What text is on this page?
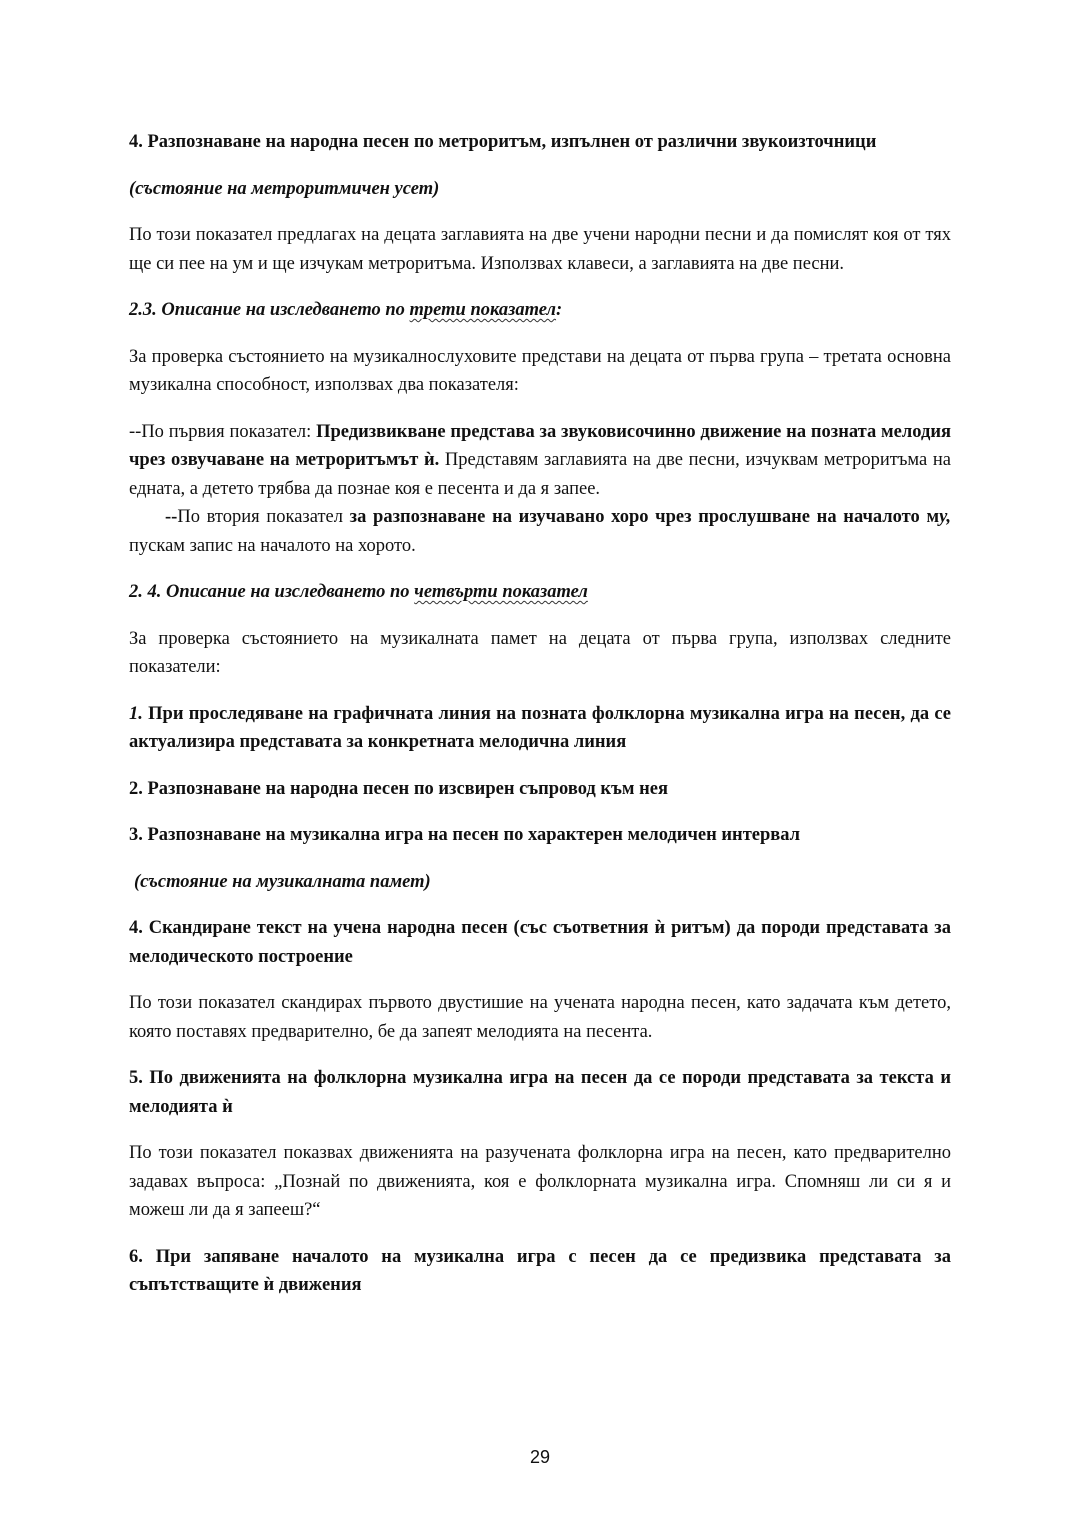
4. Разпознаване на народна песен по метроритъм, изпълнен от различни звукоизточници

(състояние на метроритмичен усет)

По този показател предлагах на децата заглавията на две учени народни песни и да помислят коя от тях ще си пее на ум и ще изчукам метроритъма. Използвах клавеси, а заглавията на две песни.

2.3. Описание на изследването по трети показател:

За проверка състоянието на музикалнослуховите представи на децата от първа група – третата основна музикална способност, използвах два показателя:

--По първия показател: Предизвикване представа за звуковисочинно движение на позната мелодия чрез озвучаване на метроритъмът ѝ. Представям заглавията на две песни, изчуквам метроритъма на едната, а детето трябва да познае коя е песента и да я запее.

--По втория показател за разпознаване на изучавано хоро чрез прослушване на началото му, пускам запис на началото на хорото.

2. 4. Описание на изследването по четвърти показател

За проверка състоянието на музикалната памет на децата от първа група, използвах следните показатели:

1. При проследяване на графичната линия на позната фолклорна музикална игра на песен, да се актуализира представата за конкретната мелодична линия

2. Разпознаване на народна песен по изсвирен съпровод към нея

3. Разпознаване на музикална игра на песен по характерен мелодичен интервал

(състояние на музикалната памет)

4. Скандиране текст на учена народна песен (със съответния ѝ ритъм) да породи представата за мелодическото построение

По този показател скандирах първото двустишие на учената народна песен, като задачата към детето, която поставях предварително, бе да запеят мелодията на песента.

5. По движенията на фолклорна музикална игра на песен да се породи представата за текста и мелодията ѝ

По този показател показвах движенията на разучената фолклорна игра на песен, като предварително задавах въпроса: „Познай по движенията, коя е фолклорната музикална игра. Спомняш ли си я и можеш ли да я запееш?“

6. При запяване началото на музикална игра с песен да се предизвика представата за съпътстващите ѝ движения

29
